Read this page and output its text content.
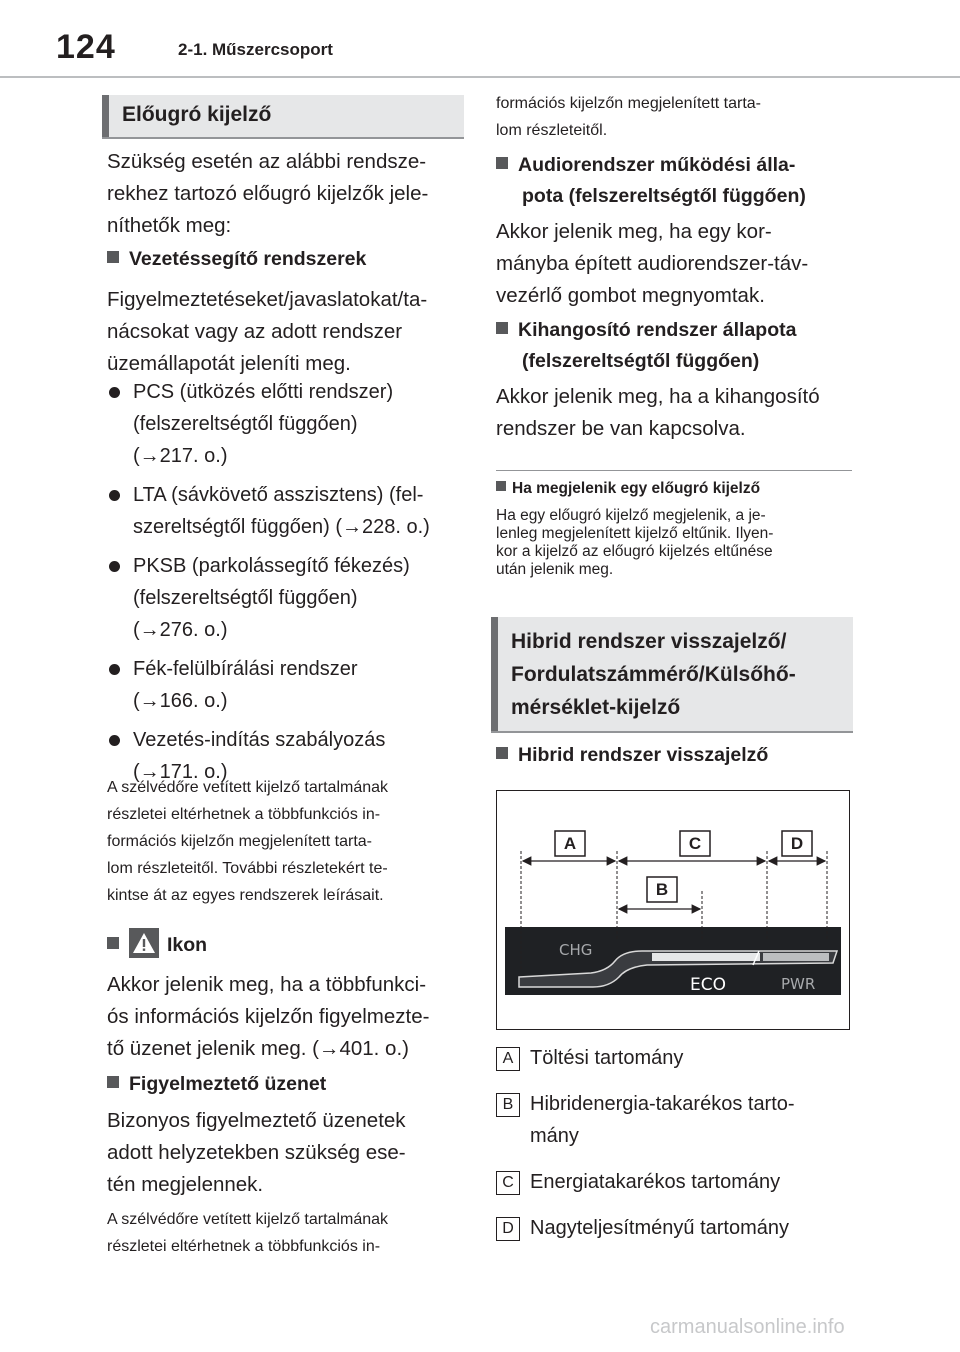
124	2-1. Műszercsoport
Előugró kijelző
Szükség esetén az alábbi rendsze-
rekhez tartozó előugró kijelzők jele-
níthetők meg:
Vezetéssegítő rendszerek
Figyelmeztetéseket/javaslatokat/ta-
nácsokat vagy az adott rendszer
üzemállapotát jeleníti meg.
PCS (ütközés előtti rendszer)
(felszereltségtől függően)
(→217. o.)
LTA (sávkövető asszisztens) (fel-
szereltségtől függően) (→228. o.)
PKSB (parkolássegítő fékezés)
(felszereltségtől függően)
(→276. o.)
Fék-felülbírálási rendszer
(→166. o.)
Vezetés-indítás szabályozás
(→171. o.)
A szélvédőre vetített kijelző tartalmának
részletei eltérhetnek a többfunkciós in-
formációs kijelzőn megjelenített tarta-
lom részleteitől. További részletekért te-
kintse át az egyes rendszerek leírásait.
Ikon
Akkor jelenik meg, ha a többfunkci-
ós információs kijelzőn figyelmezte-
tő üzenet jelenik meg. (→401. o.)
Figyelmeztető üzenet
Bizonyos figyelmeztető üzenetek
adott helyzetekben szükség ese-
tén megjelennek.
A szélvédőre vetített kijelző tartalmának
részletei eltérhetnek a többfunkciós in-
formációs kijelzőn megjelenített tarta-
lom részleteitől.
Audiorendszer működési álla-
pota (felszereltségtől függően)
Akkor jelenik meg, ha egy kor-
mányba épített audiorendszer-táv-
vezérlő gombot megnyomtak.
Kihangosító rendszer állapota
(felszereltségtől függően)
Akkor jelenik meg, ha a kihangosító
rendszer be van kapcsolva.
Ha megjelenik egy előugró kijelző
Ha egy előugró kijelző megjelenik, a je-
lenleg megjelenített kijelző eltűnik. Ilyen-
kor a kijelző az előugró kijelzés eltűnése
után jelenik meg.
Hibrid rendszer visszajelző/
Fordulatszámmérő/Külsőhő-
mérséklet-kijelző
Hibrid rendszer visszajelző
A
B
C	D
CHG
ECO	PWR
A Töltési tartomány
B Hibridenergia-takarékos tarto-
mány
C Energiatakarékos tartomány
D Nagyteljesítményű tartomány
carmanualsonline.info
